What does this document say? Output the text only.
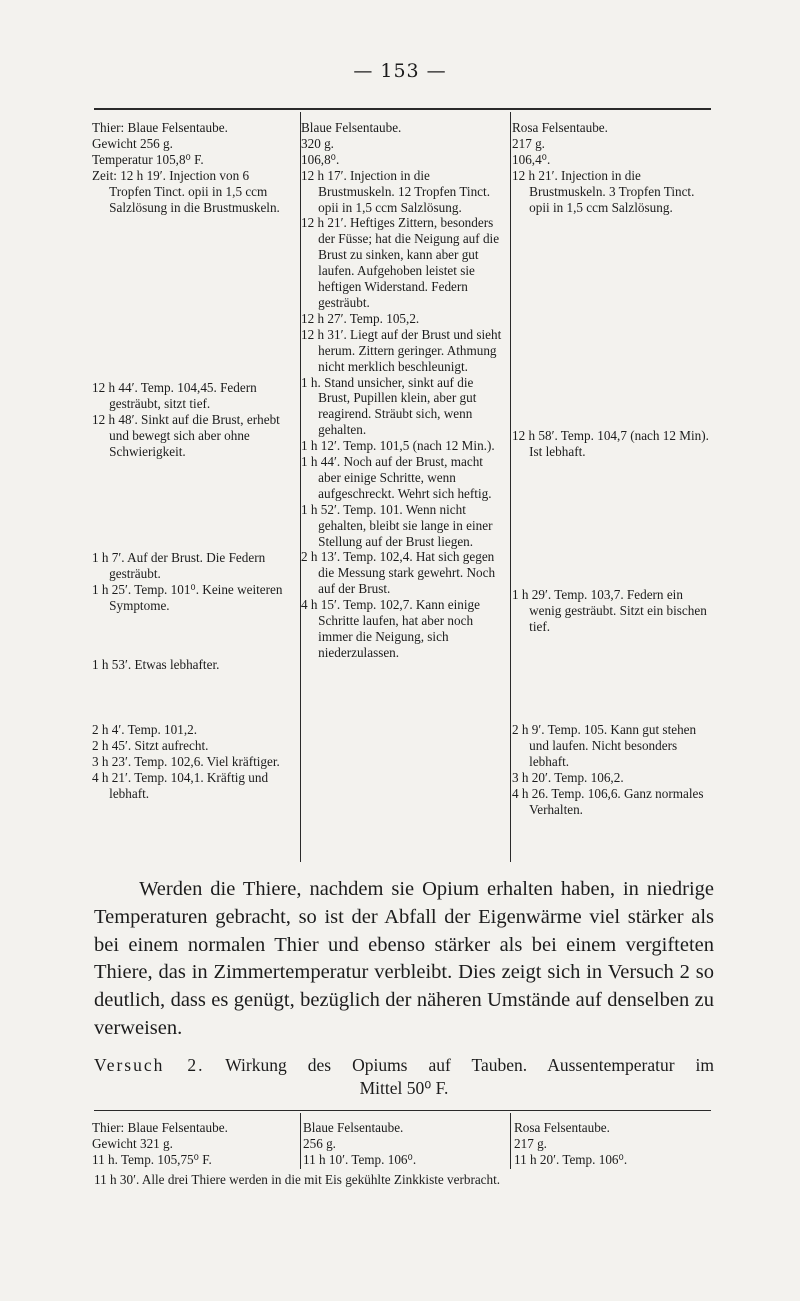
— 153 —
Thier: Blaue Felsentaube.
Gewicht 256 g.
Temperatur 105,8⁰ F.
Zeit: 12 h 19′. Injection von 6 Tropfen Tinct. opii in 1,5 ccm Salzlösung in die Brustmuskeln.
12 h 44′. Temp. 104,45. Federn gesträubt, sitzt tief.
12 h 48′. Sinkt auf die Brust, erhebt und bewegt sich aber ohne Schwierigkeit.
1 h 7′. Auf der Brust. Die Federn gesträubt.
1 h 25′. Temp. 101⁰. Keine weiteren Symptome.
1 h 53′. Etwas lebhafter.
2 h 4′. Temp. 101,2.
2 h 45′. Sitzt aufrecht.
3 h 23′. Temp. 102,6. Viel kräftiger.
4 h 21′. Temp. 104,1. Kräftig und lebhaft.
Blaue Felsentaube.
320 g.
106,8⁰.
12 h 17′. Injection in die Brustmuskeln. 12 Tropfen Tinct. opii in 1,5 ccm Salzlösung.
12 h 21′. Heftiges Zittern, besonders der Füsse; hat die Neigung auf die Brust zu sinken, kann aber gut laufen. Aufgehoben leistet sie heftigen Widerstand. Federn gesträubt.
12 h 27′. Temp. 105,2.
12 h 31′. Liegt auf der Brust und sieht herum. Zittern geringer. Athmung nicht merklich beschleunigt.
1 h. Stand unsicher, sinkt auf die Brust, Pupillen klein, aber gut reagirend. Sträubt sich, wenn gehalten.
1 h 12′. Temp. 101,5 (nach 12 Min.).
1 h 44′. Noch auf der Brust, macht aber einige Schritte, wenn aufgeschreckt. Wehrt sich heftig.
1 h 52′. Temp. 101. Wenn nicht gehalten, bleibt sie lange in einer Stellung auf der Brust liegen.
2 h 13′. Temp. 102,4. Hat sich gegen die Messung stark gewehrt. Noch auf der Brust.
4 h 15′. Temp. 102,7. Kann einige Schritte laufen, hat aber noch immer die Neigung, sich niederzulassen.
Rosa Felsentaube.
217 g.
106,4⁰.
12 h 21′. Injection in die Brustmuskeln. 3 Tropfen Tinct. opii in 1,5 ccm Salzlösung.
12 h 58′. Temp. 104,7 (nach 12 Min). Ist lebhaft.
1 h 29′. Temp. 103,7. Federn ein wenig gesträubt. Sitzt ein bischen tief.
2 h 9′. Temp. 105. Kann gut stehen und laufen. Nicht besonders lebhaft.
3 h 20′. Temp. 106,2.
4 h 26. Temp. 106,6. Ganz normales Verhalten.
Werden die Thiere, nachdem sie Opium erhalten haben, in niedrige Temperaturen gebracht, so ist der Abfall der Eigenwärme viel stärker als bei einem normalen Thier und ebenso stärker als bei einem vergifteten Thiere, das in Zimmertemperatur verbleibt. Dies zeigt sich in Versuch 2 so deutlich, dass es genügt, bezüglich der näheren Umstände auf denselben zu verweisen.
Versuch 2. Wirkung des Opiums auf Tauben. Aussentemperatur im
Mittel 50⁰ F.
Thier: Blaue Felsentaube.
Gewicht 321 g.
11 h. Temp. 105,75⁰ F.
Blaue Felsentaube.
256 g.
11 h 10′. Temp. 106⁰.
Rosa Felsentaube.
217 g.
11 h 20′. Temp. 106⁰.
11 h 30′. Alle drei Thiere werden in die mit Eis gekühlte Zinkkiste verbracht.
